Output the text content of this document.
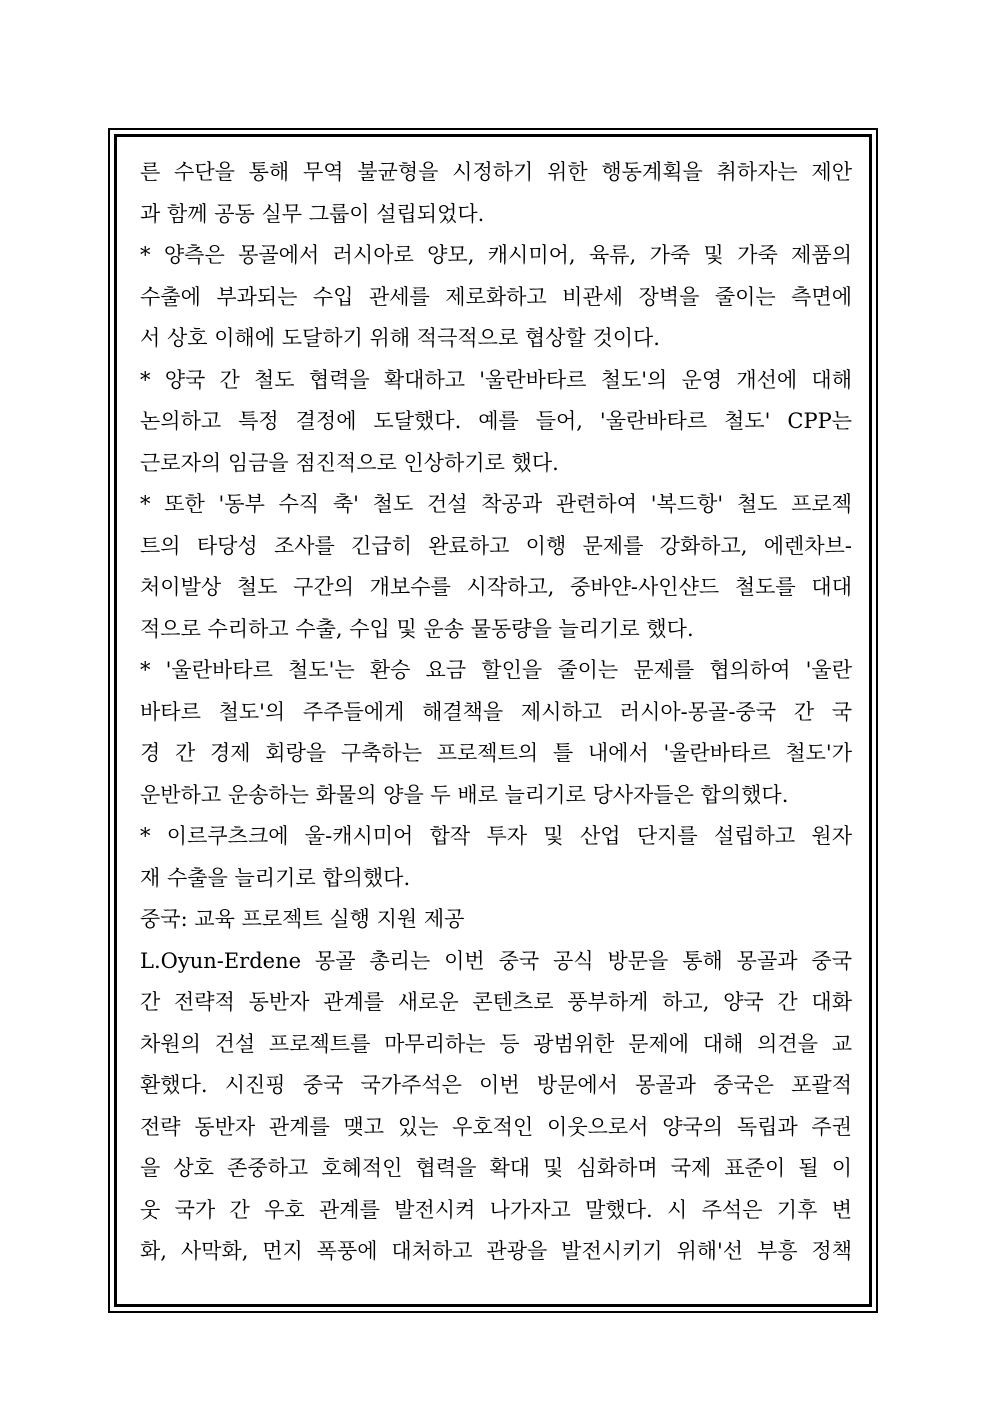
른 수단을 통해 무역 불균형을 시정하기 위한 행동계획을 취하자는 제안
과 함께 공동 실무 그룹이 설립되었다.
* 양측은 몽골에서 러시아로 양모, 캐시미어, 육류, 가죽 및 가죽 제품의
수출에 부과되는 수입 관세를 제로화하고 비관세 장벽을 줄이는 측면에
서 상호 이해에 도달하기 위해 적극적으로 협상할 것이다.
* 양국 간 철도 협력을 확대하고 '울란바타르 철도'의 운영 개선에 대해
논의하고 특정 결정에 도달했다. 예를 들어, '울란바타르 철도' CPP는
근로자의 임금을 점진적으로 인상하기로 했다.
* 또한 '동부 수직 축' 철도 건설 착공과 관련하여 '복드항' 철도 프로젝
트의 타당성 조사를 긴급히 완료하고 이행 문제를 강화하고, 에렌차브-
처이발상 철도 구간의 개보수를 시작하고, 중바얀-사인샨드 철도를 대대
적으로 수리하고 수출, 수입 및 운송 물동량을 늘리기로 했다.
* '울란바타르 철도'는 환승 요금 할인을 줄이는 문제를 협의하여 '울란
바타르 철도'의 주주들에게 해결책을 제시하고 러시아-몽골-중국 간 국
경 간 경제 회랑을 구축하는 프로젝트의 틀 내에서 '울란바타르 철도'가
운반하고 운송하는 화물의 양을 두 배로 늘리기로 당사자들은 합의했다.
* 이르쿠츠크에 울-캐시미어 합작 투자 및 산업 단지를 설립하고 원자
재 수출을 늘리기로 합의했다.
중국: 교육 프로젝트 실행 지원 제공
L.Oyun-Erdene 몽골 총리는 이번 중국 공식 방문을 통해 몽골과 중국
간 전략적 동반자 관계를 새로운 콘텐츠로 풍부하게 하고, 양국 간 대화
차원의 건설 프로젝트를 마무리하는 등 광범위한 문제에 대해 의견을 교
환했다. 시진핑 중국 국가주석은 이번 방문에서 몽골과 중국은 포괄적
전략 동반자 관계를 맺고 있는 우호적인 이웃으로서 양국의 독립과 주권
을 상호 존중하고 호혜적인 협력을 확대 및 심화하며 국제 표준이 될 이
웃 국가 간 우호 관계를 발전시켜 나가자고 말했다. 시 주석은 기후 변
화, 사막화, 먼지 폭풍에 대처하고 관광을 발전시키기 위해'선 부흥 정책
